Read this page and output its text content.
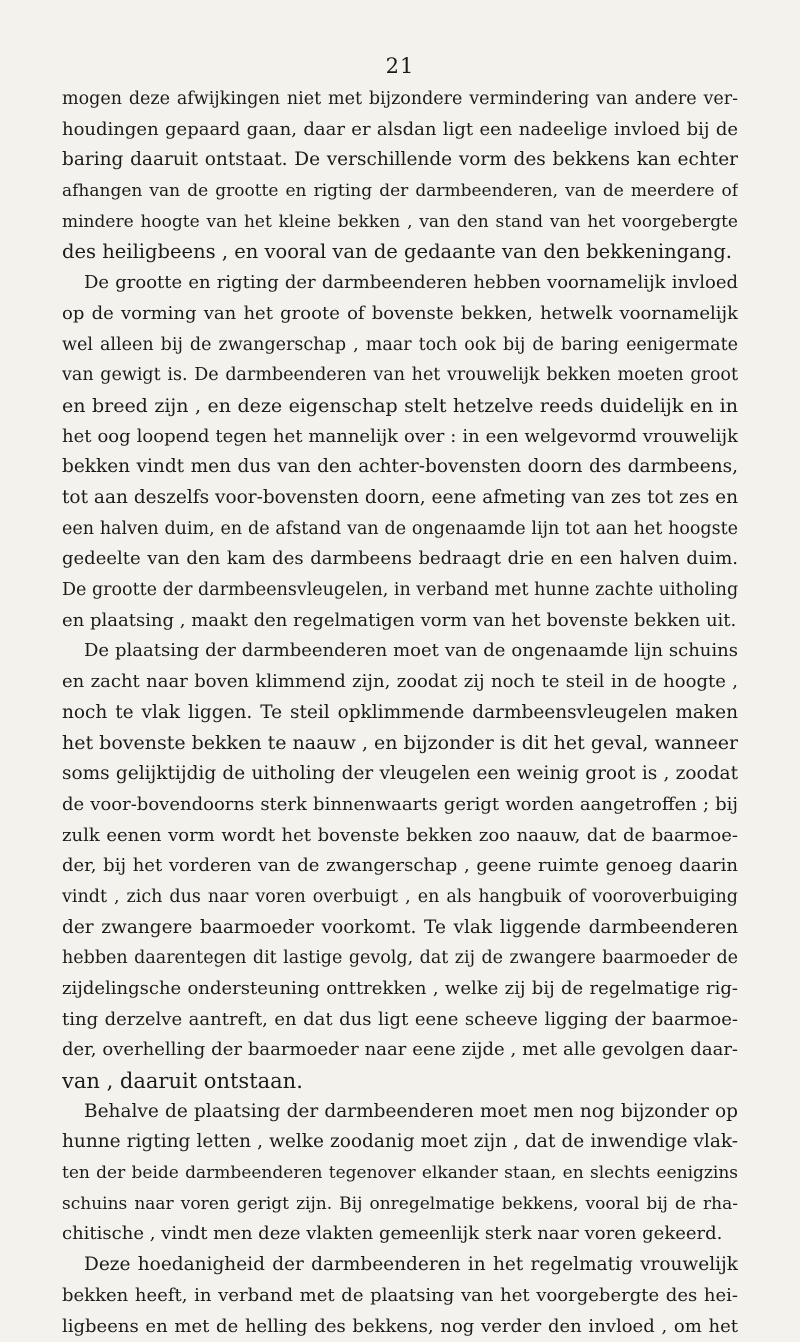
21
mogen deze afwijkingen niet met bijzondere vermindering van andere ver-
houdingen gepaard gaan, daar er alsdan ligt een nadeelige invloed bij de
baring daaruit ontstaat. De verschillende vorm des bekkens kan echter
afhangen van de grootte en rigting der darmbeenderen, van de meerdere of
mindere hoogte van het kleine bekken , van den stand van het voorgebergte
des heiligbeens , en vooral van de gedaante van den bekkeningang.
De grootte en rigting der darmbeenderen hebben voornamelijk invloed
op de vorming van het groote of bovenste bekken, hetwelk voornamelijk
wel alleen bij de zwangerschap , maar toch ook bij de baring eenigermate
van gewigt is. De darmbeenderen van het vrouwelijk bekken moeten groot
en breed zijn , en deze eigenschap stelt hetzelve reeds duidelijk en in
het oog loopend tegen het mannelijk over : in een welgevormd vrouwelijk
bekken vindt men dus van den achter-bovensten doorn des darmbeens,
tot aan deszelfs voor-bovensten doorn, eene afmeting van zes tot zes en
een halven duim, en de afstand van de ongenaamde lijn tot aan het hoogste
gedeelte van den kam des darmbeens bedraagt drie en een halven duim.
De grootte der darmbeensvleugelen, in verband met hunne zachte uitholing
en plaatsing , maakt den regelmatigen vorm van het bovenste bekken uit.
De plaatsing der darmbeenderen moet van de ongenaamde lijn schuins
en zacht naar boven klimmend zijn, zoodat zij noch te steil in de hoogte ,
noch te vlak liggen. Te steil opklimmende darmbeensvleugelen maken
het bovenste bekken te naauw , en bijzonder is dit het geval, wanneer
soms gelijktijdig de uitholing der vleugelen een weinig groot is , zoodat
de voor-bovendoorns sterk binnenwaarts gerigt worden aangetroffen ; bij
zulk eenen vorm wordt het bovenste bekken zoo naauw, dat de baarmoe-
der, bij het vorderen van de zwangerschap , geene ruimte genoeg daarin
vindt , zich dus naar voren overbuigt , en als hangbuik of vooroverbuiging
der zwangere baarmoeder voorkomt. Te vlak liggende darmbeenderen
hebben daarentegen dit lastige gevolg, dat zij de zwangere baarmoeder de
zijdelingsche ondersteuning onttrekken , welke zij bij de regelmatige rig-
ting derzelve aantreft, en dat dus ligt eene scheeve ligging der baarmoe-
der, overhelling der baarmoeder naar eene zijde , met alle gevolgen daar-
van , daaruit ontstaan.
Behalve de plaatsing der darmbeenderen moet men nog bijzonder op
hunne rigting letten , welke zoodanig moet zijn , dat de inwendige vlak-
ten der beide darmbeenderen tegenover elkander staan, en slechts eenigzins
schuins naar voren gerigt zijn. Bij onregelmatige bekkens, vooral bij de rha-
chitische , vindt men deze vlakten gemeenlijk sterk naar voren gekeerd.
Deze hoedanigheid der darmbeenderen in het regelmatig vrouwelijk
bekken heeft, in verband met de plaatsing van het voorgebergte des hei-
ligbeens en met de helling des bekkens, nog verder den invloed , om het
